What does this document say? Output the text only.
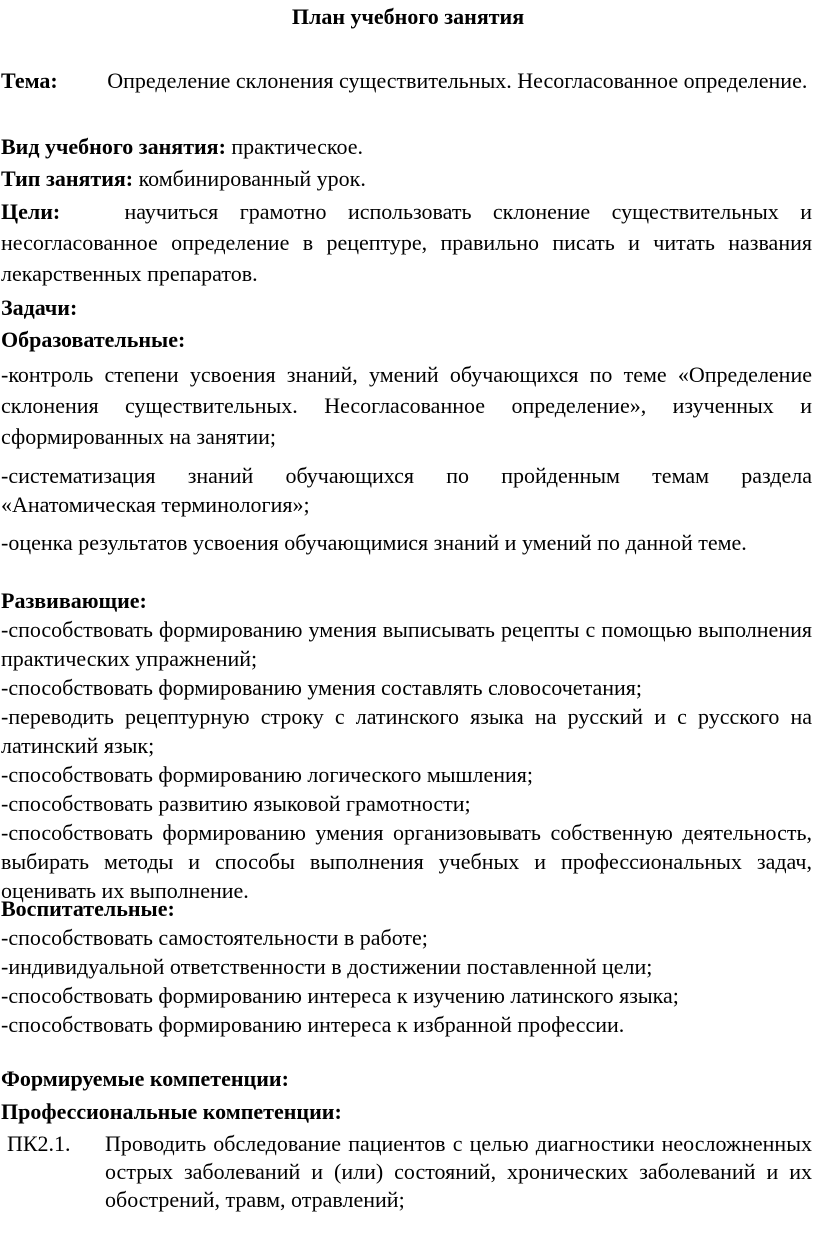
План учебного занятия

Тема: Определение склонения существительных. Несогласованное определение.

Вид учебного занятия: практическое.

Тип занятия: комбинированный урок.

Цели:	научиться грамотно использовать склонение существительных и несогласованное определение в рецептуре, правильно писать и читать названия лекарственных препаратов.

Задачи:

Образовательные:

-контроль степени усвоения знаний, умений обучающихся по теме «Определение склонения существительных. Несогласованное определение», изученных и сформированных на занятии;

-систематизация знаний обучающихся по пройденным темам раздела «Анатомическая терминология»;

-оценка результатов усвоения обучающимися знаний и умений по данной теме.

Развивающие:

-способствовать формированию умения выписывать рецепты с помощью выполнения практических упражнений;

-способствовать формированию умения составлять словосочетания;

-переводить рецептурную строку с латинского языка на русский и с русского на латинский язык;

-способствовать формированию логического мышления;

-способствовать развитию языковой грамотности;

-способствовать формированию умения организовывать собственную деятельность, выбирать методы и способы выполнения учебных и профессиональных задач, оценивать их выполнение.

Воспитательные:

-способствовать самостоятельности в работе;

-индивидуальной ответственности в достижении поставленной цели;

-способствовать формированию интереса к изучению латинского языка;

-способствовать формированию интереса к избранной профессии.

Формируемые компетенции:

Профессиональные компетенции:

ПК2.1.	Проводить обследование пациентов с целью диагностики неосложненных острых заболеваний и (или) состояний, хронических заболеваний и их обострений, травм, отравлений;
